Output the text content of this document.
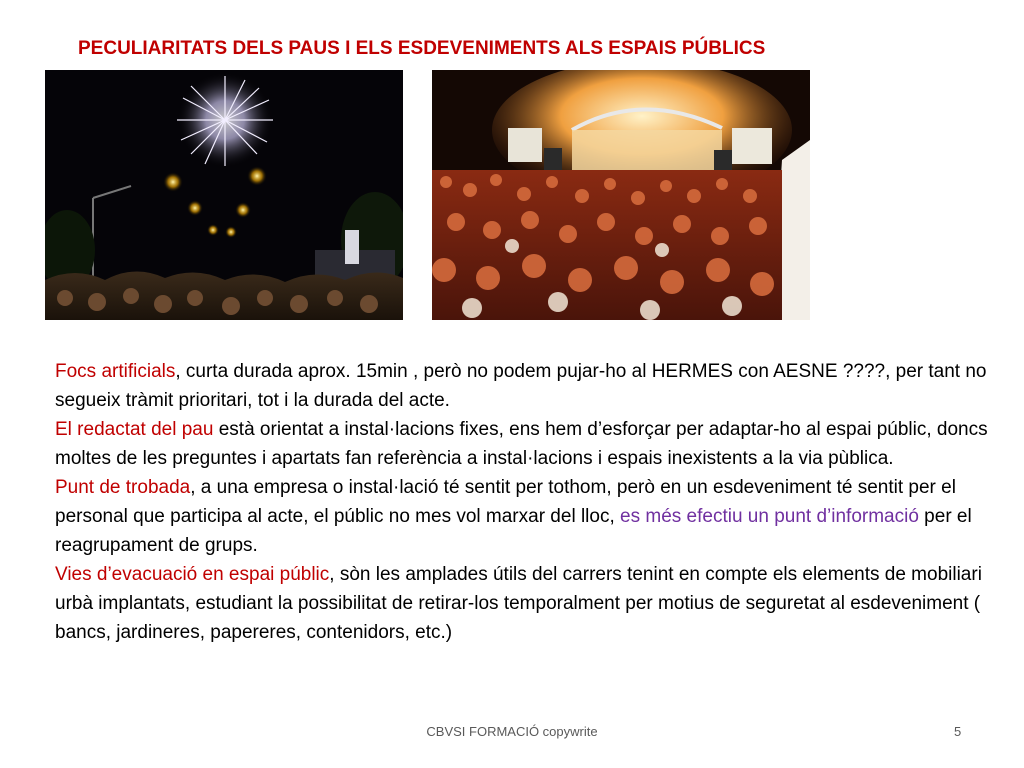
PECULIARITATS DELS PAUS I ELS ESDEVENIMENTS ALS ESPAIS PÚBLICS

Focs artificials, curta durada aprox. 15min , però no podem pujar-ho al HERMES con AESNE ????, per tant no segueix tràmit prioritari, tot i la durada del acte.

El redactat del pau està orientat a instal·lacions fixes, ens hem d’esforçar per adaptar-ho al espai públic, doncs moltes de les preguntes i apartats fan referència a instal·lacions i espais inexistents a la via pùblica.

Punt de trobada, a una empresa o instal·lació té sentit per tothom, però en un esdeveniment té sentit per el personal que participa al acte, el públic no mes vol marxar del lloc, es més efectiu un punt d’informació per el reagrupament de grups.

Vies d’evacuació en espai públic, sòn les amplades útils del carrers tenint en compte els elements de mobiliari urbà implantats, estudiant la possibilitat de retirar-los temporalment per motius de seguretat al esdeveniment ( bancs, jardineres, papereres, contenidors, etc.)

CBVSI FORMACIÓ copywrite	5
